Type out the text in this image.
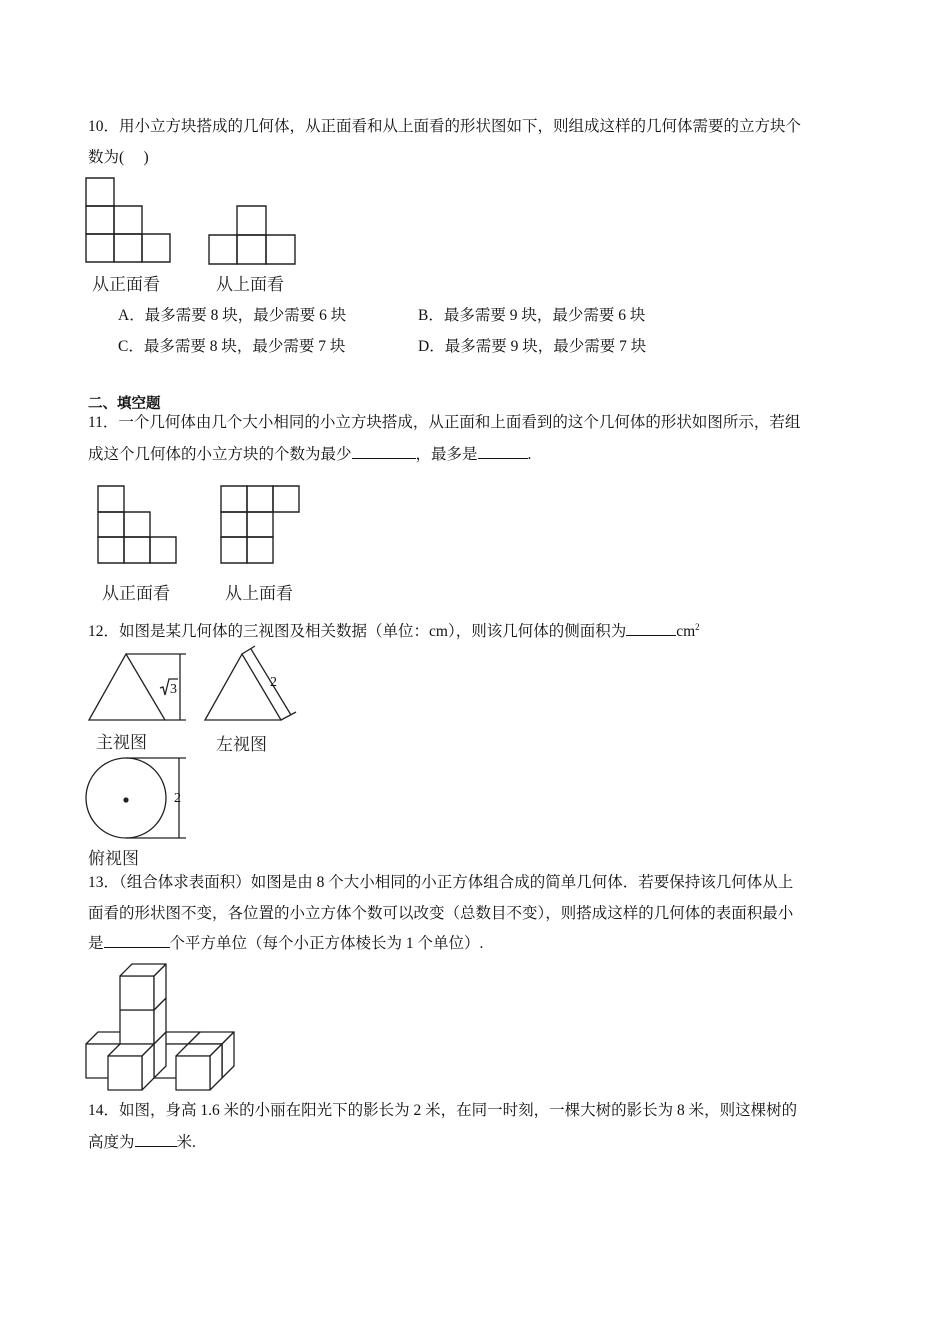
10．用小立方块搭成的几何体，从正面看和从上面看的形状图如下，则组成这样的几何体需要的立方块个
数为(　 )
从正面看	从上面看
A．最多需要 8 块，最少需要 6 块	B．最多需要 9 块，最少需要 6 块
C．最多需要 8 块，最少需要 7 块	D．最多需要 9 块，最少需要 7 块
二、填空题
11．一个几何体由几个大小相同的小立方块搭成，从正面和上面看到的这个几何体的形状如图所示，若组
成这个几何体的小立方块的个数为最少	，最多是	.
从正面看	从上面看
12．如图是某几何体的三视图及相关数据（单位：cm），则该几何体的侧面积为	$cm^2$
3
主视图
2
左视图
2
俯视图
13．（组合体求表面积）如图是由 8 个大小相同的小正方体组合成的简单几何体．若要保持该几何体从上
面看的形状图不变，各位置的小立方体个数可以改变（总数目不变），则搭成这样的几何体的表面积最小
是	个平方单位（每个小正方体棱长为 1 个单位）.
14．如图，身高 1.6 米的小丽在阳光下的影长为 2 米，在同一时刻，一棵大树的影长为 8 米，则这棵树的
高度为	米.
